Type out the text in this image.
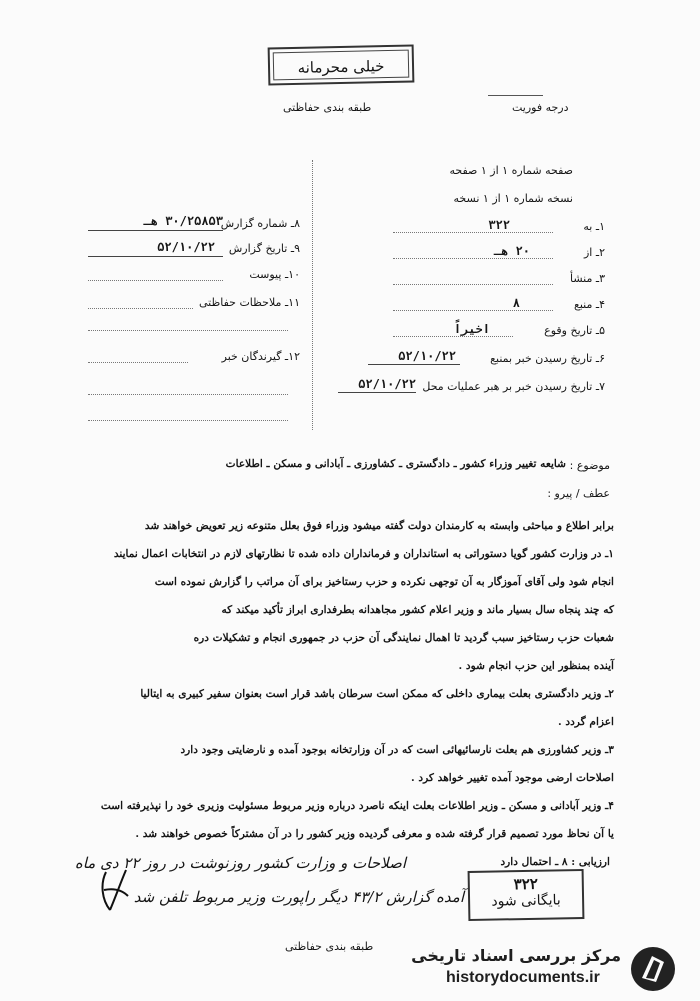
خیلی محرمانه
طبقه بندی حفاظتی	درجه فوریت
صفحه شماره ۱ از ۱ صفحه
نسخه شماره ۱ از ۱ نسخه
۸ـ شماره گزارش
۳۰/۲۵۸۵۳ هـ
۹ـ تاریخ گزارش
۵۲/۱۰/۲۲
۱۰ـ پیوست
۱۱ـ ملاحظات حفاظتی
۱۲ـ گیرندگان خبر
۱ـ به
۳۲۲
۲ـ از
۲۰ هـ
۳ـ منشأ
۴ـ منبع
۸
۵ـ تاریخ وقوع
اخیراً
۶ـ تاریخ رسیدن خبر بمنبع
۵۲/۱۰/۲۲
۷ـ تاریخ رسیدن خبر بر هبر عملیات محل
۵۲/۱۰/۲۲
موضوع :
شایعه تغییر وزراء کشور ـ دادگستری ـ کشاورزی ـ آبادانی و مسکن ـ اطلاعات
عطف / پیرو :
برابر اطلاع و مباحثی وابسته به کارمندان دولت گفته میشود وزراء فوق بعلل متنوعه زیر تعویض خواهند شد
۱ـ در وزارت کشور گویا دستوراتی به استانداران و فرمانداران داده شده تا نظارتهای لازم در انتخابات اعمال نمایند
انجام شود ولی آقای آموزگار به آن توجهی نکرده و حزب رستاخیز برای آن مراتب را گزارش نموده است
که چند پنجاه سال بسیار ماند و وزیر اعلام کشور مجاهدانه بطرفداری ابراز تأکید میکند که
شعبات حزب رستاخیز سبب گردید تا اهمال نمایندگی آن حزب در جمهوری انجام و تشکیلات دره
آینده بمنظور این حزب انجام شود .
۲ـ وزیر دادگستری بعلت بیماری داخلی که ممکن است سرطان باشد قرار است بعنوان سفیر کبیری به ایتالیا
اعزام گردد .
۳ـ وزیر کشاورزی هم بعلت نارسائیهائی است که در آن وزارتخانه بوجود آمده و نارضایتی وجود دارد
اصلاحات ارضی موجود آمده تغییر خواهد کرد .
۴ـ وزیر آبادانی و مسکن ـ وزیر اطلاعات بعلت اینکه ناصرد درباره وزیر مربوط مسئولیت وزیری خود را نپذیرفته است
یا آن نحاظ مورد تصمیم قرار گرفته شده و معرفی گردیده وزیر کشور را در آن مشترکاً خصوص خواهند شد .
ارزیابی : ۸ ـ احتمال دارد
اصلاحات و وزارت کشور روزنوشت در روز ۲۲ دی ماه
آمده گزارش ۴۳/۲ دیگر راپورت وزیر مربوط تلفن شد
۳۲۲
بایگانی شود
طبقه بندی حفاظتی مرکز بررسی اسناد تاریخی
historydocuments.ir
